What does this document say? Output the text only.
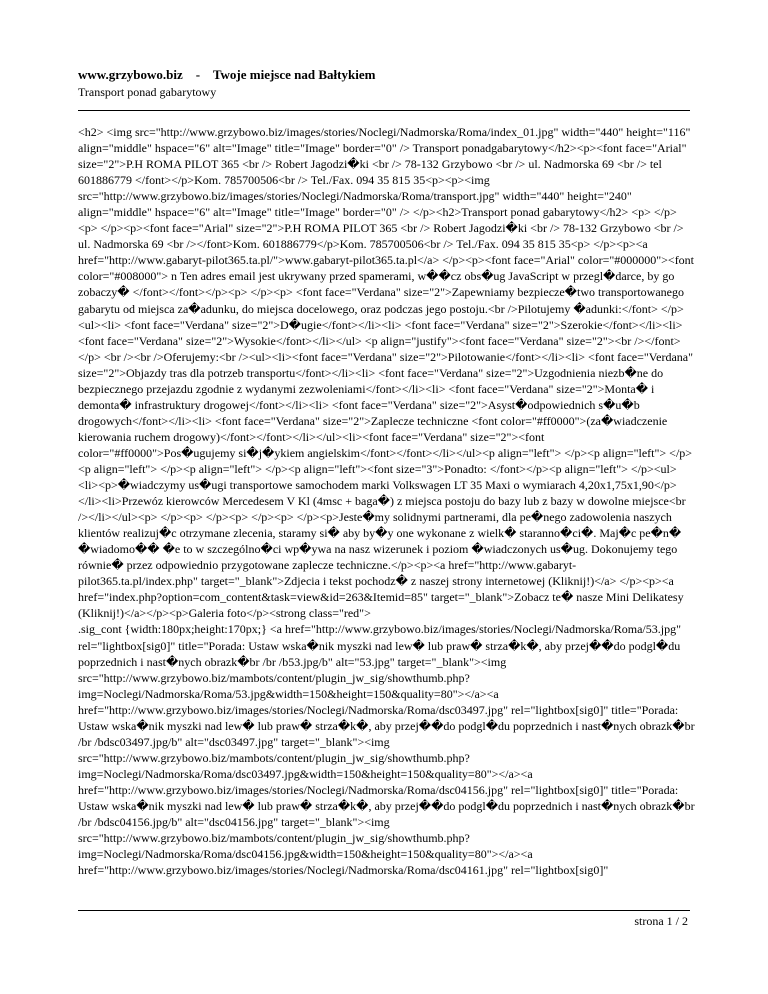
www.grzybowo.biz - Twoje miejsce nad Bałtykiem
Transport ponad gabarytowy
<h2> <img src="http://www.grzybowo.biz/images/stories/Noclegi/Nadmorska/Roma/index_01.jpg" width="440" height="116" align="middle" hspace="6" alt="Image" title="Image" border="0" /> Transport ponadgabarytowy</h2><p><font face="Arial" size="2">P.H ROMA PILOT 365 <br /> Robert Jagodzi�ki <br /> 78-132 Grzybowo <br /> ul. Nadmorska 69 <br /> tel 601886779 </font></p>Kom. 785700506<br /> Tel./Fax. 094 35 815 35<p><p><img src="http://www.grzybowo.biz/images/stories/Noclegi/Nadmorska/Roma/transport.jpg" width="440" height="240" align="middle" hspace="6" alt="Image" title="Image" border="0" /> </p><h2>Transport ponad gabarytowy</h2> <p> </p><p> </p><p><font face="Arial" size="2">P.H ROMA PILOT 365 <br /> Robert Jagodzi�ki <br /> 78-132 Grzybowo <br /> ul. Nadmorska 69 <br /></font>Kom. 601886779</p>Kom. 785700506<br /> Tel./Fax. 094 35 815 35<p> </p><p><a href="http://www.gabaryt-pilot365.ta.pl/">www.gabaryt-pilot365.ta.pl</a> </p><p><font face="Arial" color="#000000"><font color="#008000"> n Ten adres email jest ukrywany przed spamerami, w��cz obs�ug JavaScript w przegl�darce, by go zobaczy� </font></font></p><p> </p><p> <font face="Verdana" size="2">Zapewniamy bezpiecze�two transportowanego gabarytu od miejsca za�adunku, do miejsca docelowego, oraz podczas jego postoju.<br />Pilotujemy �adunki:</font> </p><ul><li> <font face="Verdana" size="2">D�ugie</font></li><li> <font face="Verdana" size="2">Szerokie</font></li><li> <font face="Verdana" size="2">Wysokie</font></li></ul> <p align="justify"><font face="Verdana" size="2"><br /></font></p> <br /><br />Oferujemy:<br /><ul><li><font face="Verdana" size="2">Pilotowanie</font></li><li> <font face="Verdana" size="2">Objazdy tras dla potrzeb transportu</font></li><li> <font face="Verdana" size="2">Uzgodnienia niezb�ne do bezpiecznego przejazdu zgodnie z wydanymi zezwoleniami</font></li><li> <font face="Verdana" size="2">Monta� i demonta� infrastruktury drogowej</font></li><li> <font face="Verdana" size="2">Asyst�odpowiednich s�u�b drogowych</font></li><li> <font face="Verdana" size="2">Zaplecze techniczne <font color="#ff0000">(za�wiadczenie kierowania ruchem drogowy)</font></font></li></ul><li><font face="Verdana" size="2"><font color="#ff0000">Pos�ugujemy si�j�ykiem angielskim</font></font></li></ul><p align="left"> </p><p align="left"> </p><p align="left"> </p><p align="left"> </p><p align="left"><font size="3">Ponadto: </font></p><p align="left"> </p><ul><li><p>�wiadczymy us�ugi transportowe samochodem marki Volkswagen LT 35 Maxi o wymiarach 4,20x1,75x1,90</p></li><li>Przewóz kierowców Mercedesem V Kl (4msc + baga�) z miejsca postoju do bazy lub z bazy w dowolne miejsce<br /></li></ul><p> </p><p> </p><p> </p><p> </p><p>Jeste�my solidnymi partnerami, dla pe�nego zadowolenia naszych klientów realizuj�c otrzymane zlecenia, staramy si� aby by�y one wykonane z wielk� staranno�ci�. Maj�c pe�n� �wiadomo�� �e to w szczególno�ci wp�ywa na nasz wizerunek i poziom �wiadczonych us�ug. Dokonujemy tego równie� przez odpowiednio przygotowane zaplecze techniczne.</p><p><a href="http://www.gabaryt-pilot365.ta.pl/index.php" target="_blank">Zdjecia i tekst pochodz� z naszej strony internetowej (Kliknij!)</a> </p><p><a href="index.php?option=com_content&task=view&id=263&Itemid=85" target="_blank">Zobacz te� nasze Mini Delikatesy (Kliknij!)</a></p><p>Galeria foto</p><strong class="red">
.sig_cont {width:180px;height:170px;} <a href="http://www.grzybowo.biz/images/stories/Noclegi/Nadmorska/Roma/53.jpg" rel="lightbox[sig0]" title="Porada: Ustaw wska�nik myszki nad lew� lub praw� strza�k�, aby przej��do podgl�du poprzednich i nast�nych obrazk�br /br /b53.jpg/b" alt="53.jpg" target="_blank"><img src="http://www.grzybowo.biz/mambots/content/plugin_jw_sig/showthumb.php?img=Noclegi/Nadmorska/Roma/53.jpg&width=150&height=150&quality=80"></a><a href="http://www.grzybowo.biz/images/stories/Noclegi/Nadmorska/Roma/dsc03497.jpg" rel="lightbox[sig0]" title="Porada: Ustaw wska�nik myszki nad lew� lub praw� strza�k�, aby przej��do podgl�du poprzednich i nast�nych obrazk�br /br /bdsc03497.jpg/b" alt="dsc03497.jpg" target="_blank"><img src="http://www.grzybowo.biz/mambots/content/plugin_jw_sig/showthumb.php?img=Noclegi/Nadmorska/Roma/dsc03497.jpg&width=150&height=150&quality=80"></a><a href="http://www.grzybowo.biz/images/stories/Noclegi/Nadmorska/Roma/dsc04156.jpg" rel="lightbox[sig0]" title="Porada: Ustaw wska�nik myszki nad lew� lub praw� strza�k�, aby przej��do podgl�du poprzednich i nast�nych obrazk�br /br /bdsc04156.jpg/b" alt="dsc04156.jpg" target="_blank"><img src="http://www.grzybowo.biz/mambots/content/plugin_jw_sig/showthumb.php?img=Noclegi/Nadmorska/Roma/dsc04156.jpg&width=150&height=150&quality=80"></a><a href="http://www.grzybowo.biz/images/stories/Noclegi/Nadmorska/Roma/dsc04161.jpg" rel="lightbox[sig0]"
strona 1 / 2
